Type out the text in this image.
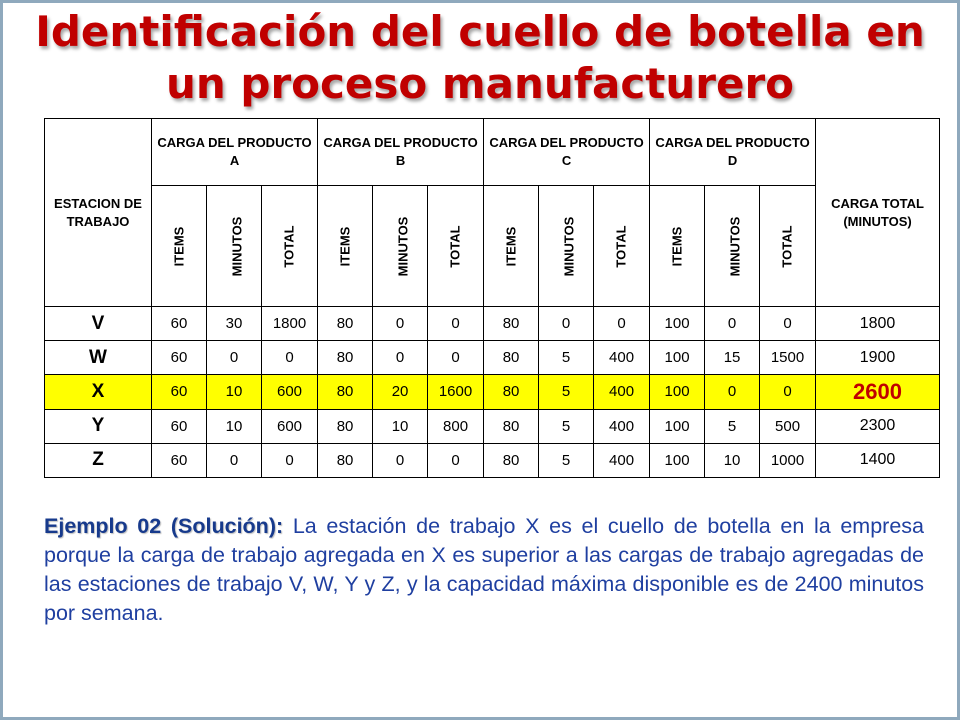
Identificación del cuello de botella en un proceso manufacturero
ESTACION DE TRABAJO	CARGA DEL PRODUCTO A			CARGA DEL PRODUCTO B			CARGA DEL PRODUCTO C			CARGA DEL PRODUCTO D			CARGA TOTAL (MINUTOS)
	ITEMS	MINUTOS	TOTAL	ITEMS	MINUTOS	TOTAL	ITEMS	MINUTOS	TOTAL	ITEMS	MINUTOS	TOTAL	
V	60	30	1800	80	0	0	80	0	0	100	0	0	1800
W	60	0	0	80	0	0	80	5	400	100	15	1500	1900
X	60	10	600	80	20	1600	80	5	400	100	0	0	2600
Y	60	10	600	80	10	800	80	5	400	100	5	500	2300
Z	60	0	0	80	0	0	80	5	400	100	10	1000	1400

Ejemplo 02 (Solución): La estación de trabajo X es el cuello de botella en la empresa porque la carga de trabajo agregada en X es superior a las cargas de trabajo agregadas de las estaciones de trabajo V, W, Y y Z, y la capacidad máxima disponible es de 2400 minutos por semana.
